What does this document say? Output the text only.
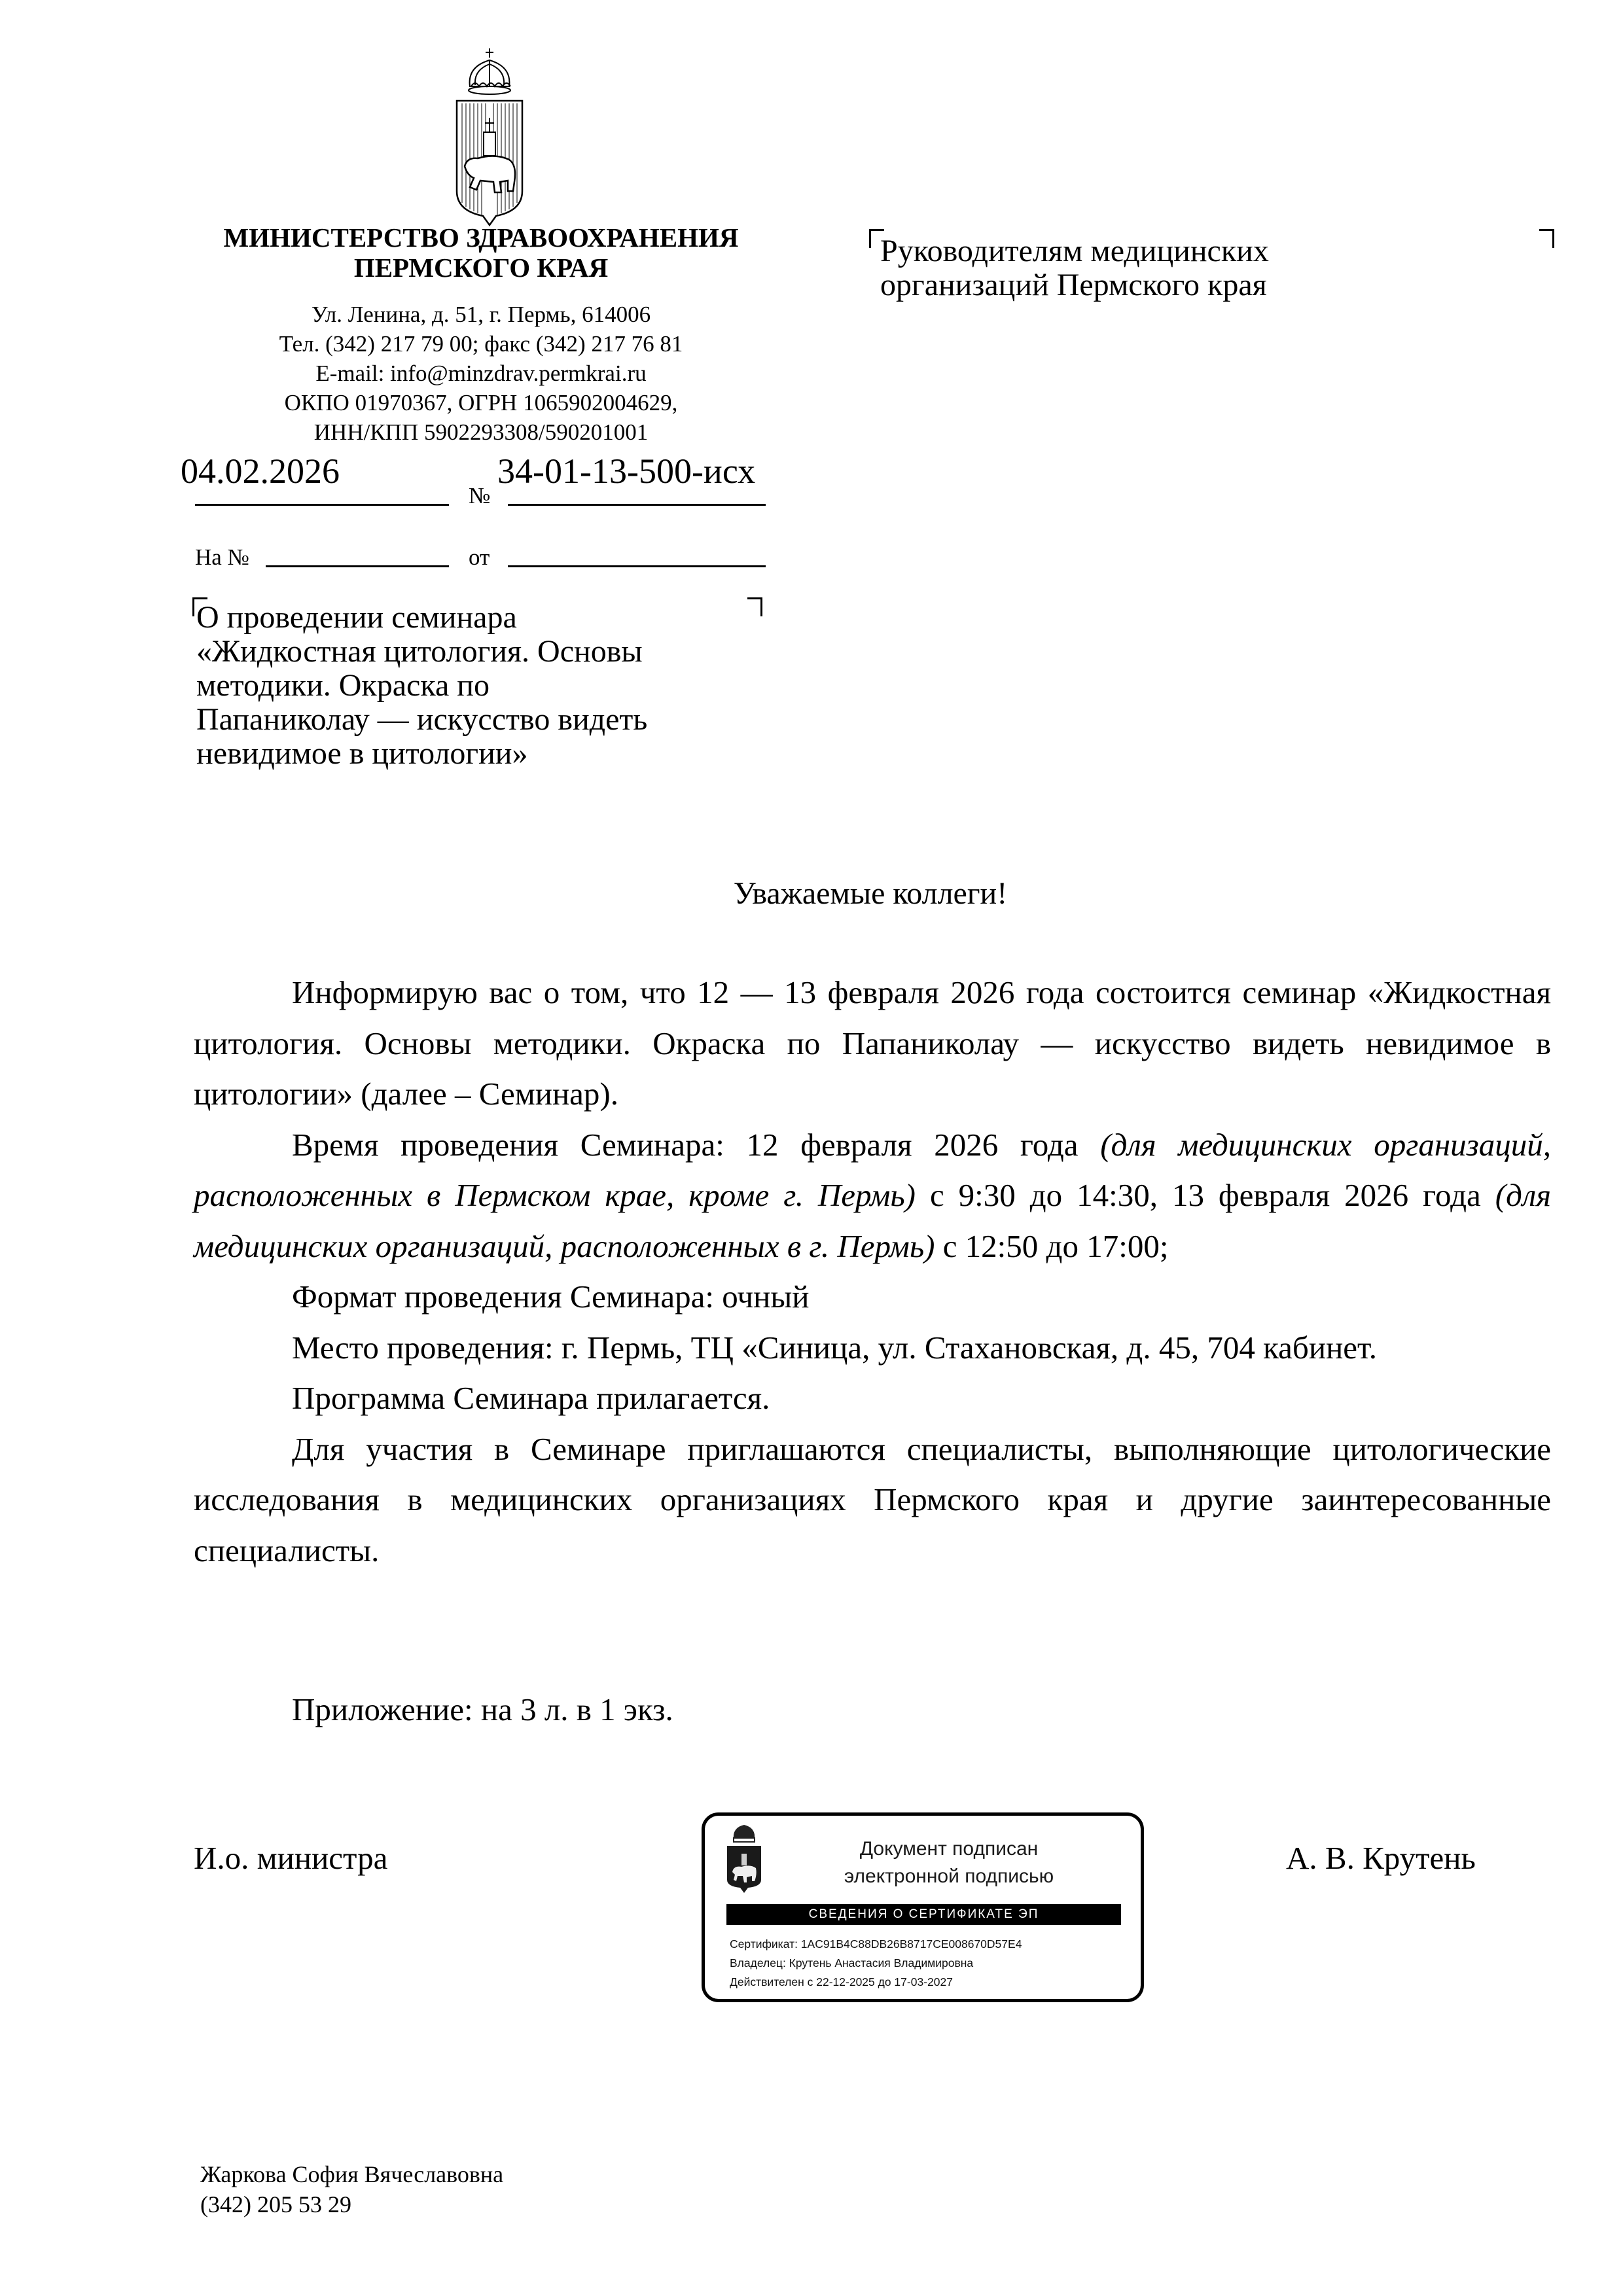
МИНИСТЕРСТВО ЗДРАВООХРАНЕНИЯ
ПЕРМСКОГО КРАЯ
Ул. Ленина, д. 51, г. Пермь, 614006
Тел. (342) 217 79 00; факс (342) 217 76 81
E-mail: info@minzdrav.permkrai.ru
ОКПО 01970367, ОГРН 1065902004629,
ИНН/КПП 5902293308/590201001
04.02.2026	34-01-13-500-исх
№
На №	от
Руководителям медицинских
организаций Пермского края
О проведении семинара
«Жидкостная цитология. Основы
методики. Окраска по
Папаниколау — искусство видеть
невидимое в цитологии»
Уважаемые коллеги!

Информирую вас о том, что 12 — 13 февраля 2026 года состоится семинар «Жидкостная цитология. Основы методики. Окраска по Папаниколау — искусство видеть невидимое в цитологии» (далее – Семинар).

Время проведения Семинара: 12 февраля 2026 года (для медицинских организаций, расположенных в Пермском крае, кроме г. Пермь) с 9:30 до 14:30, 13 февраля 2026 года (для медицинских организаций, расположенных в г. Пермь) с 12:50 до 17:00;

Формат проведения Семинара: очный

Место проведения: г. Пермь, ТЦ «Синица, ул. Стахановская, д. 45, 704 кабинет.

Программа Семинара прилагается.

Для участия в Семинаре приглашаются специалисты, выполняющие цитологические исследования в медицинских организациях Пермского края и другие заинтересованные специалисты.

Приложение: на 3 л. в 1 экз.
И.о. министра	А. В. Крутень
Документ подписан
электронной подписью
СВЕДЕНИЯ О СЕРТИФИКАТЕ ЭП
Сертификат: 1AC91B4C88DB26B8717CE008670D57E4
Владелец: Крутень Анастасия Владимировна
Действителен с 22-12-2025 до 17-03-2027
Жаркова София Вячеславовна
(342) 205 53 29
